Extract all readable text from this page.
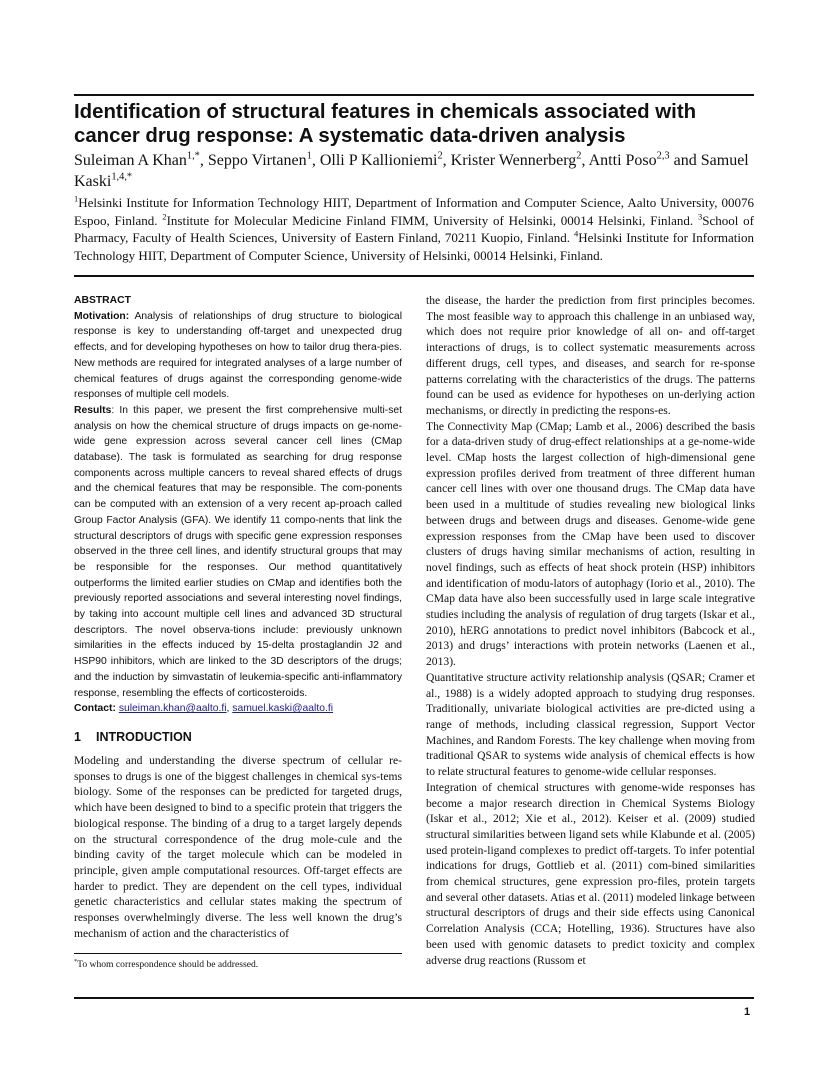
Identification of structural features in chemicals associated with cancer drug response: A systematic data-driven analysis

Suleiman A Khan$^{1,*}$, Seppo Virtanen$^1$, Olli P Kallioniemi$^2$, Krister Wennerberg$^2$, Antti Poso$^{2,3}$ and Samuel Kaski$^{1,4,*}$

$^1$Helsinki Institute for Information Technology HIIT, Department of Information and Computer Science, Aalto University, 00076 Espoo, Finland. $^2$Institute for Molecular Medicine Finland FIMM, University of Helsinki, 00014 Helsinki, Finland. $^3$School of Pharmacy, Faculty of Health Sciences, University of Eastern Finland, 70211 Kuopio, Finland. $^4$Helsinki Institute for Information Technology HIIT, Department of Computer Science, University of Helsinki, 00014 Helsinki, Finland.

ABSTRACT

Motivation: Analysis of relationships of drug structure to biological response is key to understanding off-target and unexpected drug effects, and for developing hypotheses on how to tailor drug thera-pies. New methods are required for integrated analyses of a large number of chemical features of drugs against the corresponding genome-wide responses of multiple cell models.

Results: In this paper, we present the first comprehensive multi-set analysis on how the chemical structure of drugs impacts on ge-nome-wide gene expression across several cancer cell lines (CMap database). The task is formulated as searching for drug response components across multiple cancers to reveal shared effects of drugs and the chemical features that may be responsible. The com-ponents can be computed with an extension of a very recent ap-proach called Group Factor Analysis (GFA). We identify 11 compo-nents that link the structural descriptors of drugs with specific gene expression responses observed in the three cell lines, and identify structural groups that may be responsible for the responses. Our method quantitatively outperforms the limited earlier studies on CMap and identifies both the previously reported associations and several interesting novel findings, by taking into account multiple cell lines and advanced 3D structural descriptors. The novel observa-tions include: previously unknown similarities in the effects induced by 15-delta prostaglandin J2 and HSP90 inhibitors, which are linked to the 3D descriptors of the drugs; and the induction by simvastatin of leukemia-specific anti-inflammatory response, resembling the effects of corticosteroids.

Contact: suleiman.khan@aalto.fi, samuel.kaski@aalto.fi

1 INTRODUCTION

Modeling and understanding the diverse spectrum of cellular re-sponses to drugs is one of the biggest challenges in chemical sys-tems biology. Some of the responses can be predicted for targeted drugs, which have been designed to bind to a specific protein that triggers the biological response. The binding of a drug to a target largely depends on the structural correspondence of the drug mole-cule and the binding cavity of the target molecule which can be modeled in principle, given ample computational resources. Off-target effects are harder to predict. They are dependent on the cell types, individual genetic characteristics and cellular states making the spectrum of responses overwhelmingly diverse. The less well known the drug’s mechanism of action and the characteristics of

the disease, the harder the prediction from first principles becomes. The most feasible way to approach this challenge in an unbiased way, which does not require prior knowledge of all on- and off-target interactions of drugs, is to collect systematic measurements across different drugs, cell types, and diseases, and search for re-sponse patterns correlating with the characteristics of the drugs. The patterns found can be used as evidence for hypotheses on un-derlying action mechanisms, or directly in predicting the respons-es.

The Connectivity Map (CMap; Lamb et al., 2006) described the basis for a data-driven study of drug-effect relationships at a ge-nome-wide level. CMap hosts the largest collection of high-dimensional gene expression profiles derived from treatment of three different human cancer cell lines with over one thousand drugs. The CMap data have been used in a multitude of studies revealing new biological links between drugs and between drugs and diseases. Genome-wide gene expression responses from the CMap have been used to discover clusters of drugs having similar mechanisms of action, resulting in novel findings, such as effects of heat shock protein (HSP) inhibitors and identification of modu-lators of autophagy (Iorio et al., 2010). The CMap data have also been successfully used in large scale integrative studies including the analysis of regulation of drug targets (Iskar et al., 2010), hERG annotations to predict novel inhibitors (Babcock et al., 2013) and drugs’ interactions with protein networks (Laenen et al., 2013).

Quantitative structure activity relationship analysis (QSAR; Cramer et al., 1988) is a widely adopted approach to studying drug responses. Traditionally, univariate biological activities are pre-dicted using a range of methods, including classical regression, Support Vector Machines, and Random Forests. The key challenge when moving from traditional QSAR to systems wide analysis of chemical effects is how to relate structural features to genome-wide cellular responses.

Integration of chemical structures with genome-wide responses has become a major research direction in Chemical Systems Biology (Iskar et al., 2012; Xie et al., 2012). Keiser et al. (2009) studied structural similarities between ligand sets while Klabunde et al. (2005) used protein-ligand complexes to predict off-targets. To infer potential indications for drugs, Gottlieb et al. (2011) com-bined similarities from chemical structures, gene expression pro-files, protein targets and several other datasets. Atias et al. (2011) modeled linkage between structural descriptors of drugs and their side effects using Canonical Correlation Analysis (CCA; Hotelling, 1936). Structures have also been used with genomic datasets to predict toxicity and complex adverse drug reactions (Russom et

*To whom correspondence should be addressed.

1
